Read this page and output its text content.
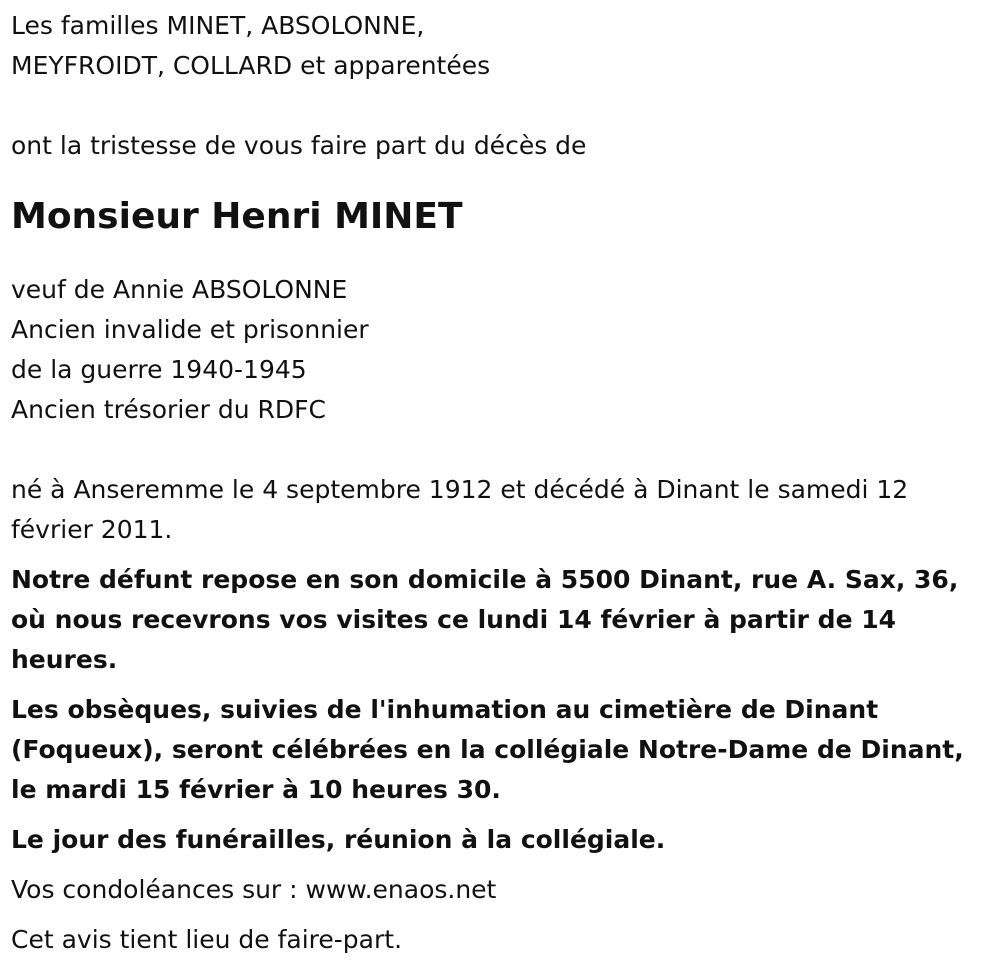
Les familles MINET, ABSOLONNE,

MEYFROIDT, COLLARD et apparentées

ont la tristesse de vous faire part du décès de

Monsieur Henri MINET

veuf de Annie ABSOLONNE

Ancien invalide et prisonnier

de la guerre 1940-1945

Ancien trésorier du RDFC

né à Anseremme le 4 septembre 1912 et décédé à Dinant le samedi 12 février 2011.

Notre défunt repose en son domicile à 5500 Dinant, rue A. Sax, 36, où nous recevrons vos visites ce lundi 14 février à partir de 14 heures.

Les obsèques, suivies de l'inhumation au cimetière de Dinant (Foqueux), seront célébrées en la collégiale Notre-Dame de Dinant, le mardi 15 février à 10 heures 30.

Le jour des funérailles, réunion à la collégiale.

Vos condoléances sur : www.enaos.net

Cet avis tient lieu de faire-part.
